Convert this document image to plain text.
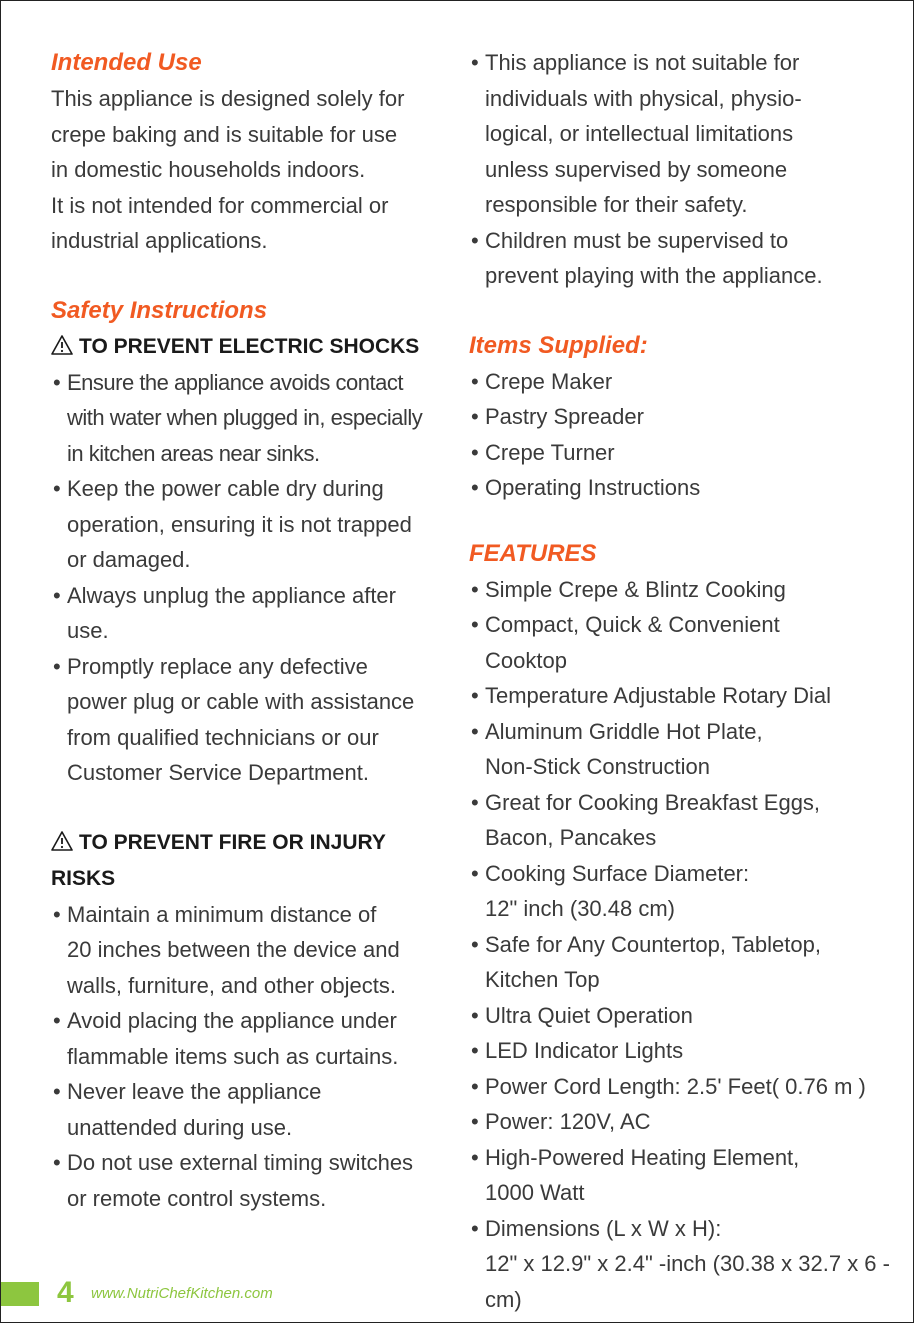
Intended Use

This appliance is designed solely for

crepe baking and is suitable for use

in domestic households indoors.

It is not intended for commercial or

industrial applications.

Safety Instructions

TO PREVENT ELECTRIC SHOCKS

• Ensure the appliance avoids contact
with water when plugged in, especially
in kitchen areas near sinks.
• Keep the power cable dry during
operation, ensuring it is not trapped
or damaged.
• Always unplug the appliance after
use.
• Promptly replace any defective
power plug or cable with assistance
from qualified technicians or our
Customer Service Department.

TO PREVENT FIRE OR INJURY

RISKS

• Maintain a minimum distance of
20 inches between the device and
walls, furniture, and other objects.
• Avoid placing the appliance under
flammable items such as curtains.
• Never leave the appliance
unattended during use.
• Do not use external timing switches
or remote control systems.
• This appliance is not suitable for
individuals with physical, physio-
logical, or intellectual limitations
unless supervised by someone
responsible for their safety.
• Children must be supervised to
prevent playing with the appliance.
Items Supplied:
• Crepe Maker
• Pastry Spreader
• Crepe Turner
• Operating Instructions
FEATURES
• Simple Crepe & Blintz Cooking
• Compact, Quick & Convenient
Cooktop
• Temperature Adjustable Rotary Dial
• Aluminum Griddle Hot Plate,
Non-Stick Construction
• Great for Cooking Breakfast Eggs,
Bacon, Pancakes
• Cooking Surface Diameter:
12" inch (30.48 cm)
• Safe for Any Countertop, Tabletop,
Kitchen Top
• Ultra Quiet Operation
• LED Indicator Lights
• Power Cord Length: 2.5' Feet( 0.76 m )
• Power: 120V, AC
• High-Powered Heating Element,
1000 Watt
• Dimensions (L x W x H):
12" x 12.9" x 2.4" -inch (30.38 x 32.7 x 6 -cm)
4 www.NutriChefKitchen.com
